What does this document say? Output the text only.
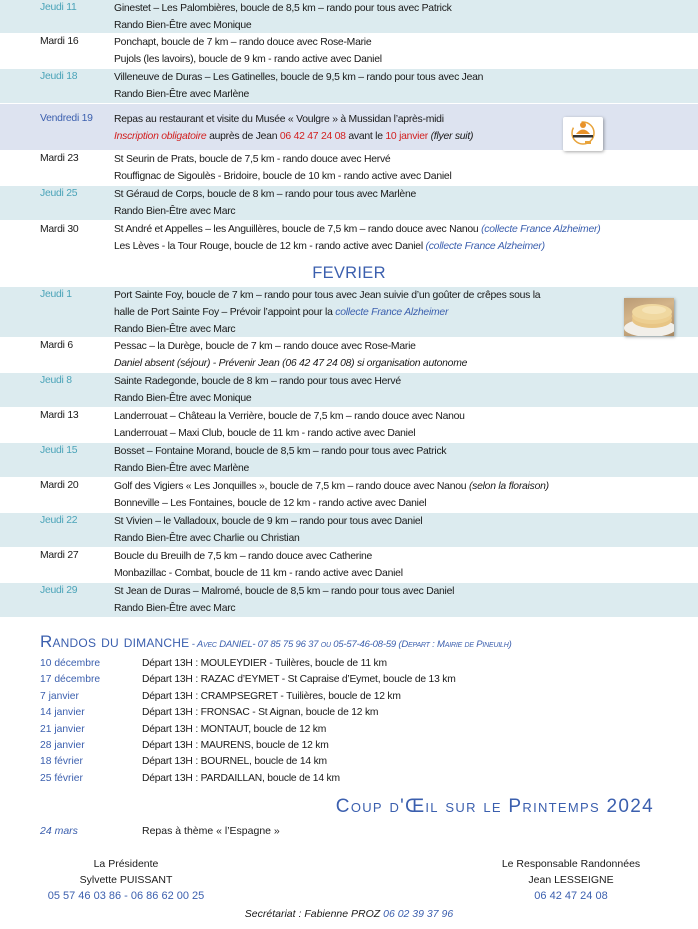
Jeudi 11	Ginestet – Les Palombières, boucle de 8,5 km – rando pour tous avec Patrick
Rando Bien-Être avec Monique
Mardi 16	Ponchapt, boucle de 7 km – rando douce avec Rose-Marie
Pujols (les lavoirs), boucle de 9 km - rando active avec Daniel
Jeudi 18	Villeneuve de Duras – Les Gatinelles, boucle de 9,5 km – rando pour tous avec Jean
Rando Bien-Être avec Marlène
Vendredi 19	Repas au restaurant et visite du Musée « Voulgre » à Mussidan l’après-midi
Inscription obligatoire auprès de Jean 06 42 47 24 08 avant le 10 janvier (flyer suit)
Mardi 23	St Seurin de Prats, boucle de 7,5 km - rando douce avec Hervé
Rouffignac de Sigoulès - Bridoire, boucle de 10 km - rando active avec Daniel
Jeudi 25	St Géraud de Corps, boucle de 8 km – rando pour tous avec Marlène
Rando Bien-Être avec Marc
Mardi 30	St André et Appelles – les Anguillères, boucle de 7,5 km – rando douce avec Nanou (collecte France Alzheimer)
Les Lèves - la Tour Rouge, boucle de 12 km - rando active avec Daniel (collecte France Alzheimer)
FEVRIER
Jeudi 1	Port Sainte Foy, boucle de 7 km – rando pour tous avec Jean suivie d’un goûter de crêpes sous la
halle de Port Sainte Foy – Prévoir l’appoint pour la collecte France Alzheimer
Rando Bien-Être avec Marc
Mardi 6	Pessac – la Durège, boucle de 7 km – rando douce avec Rose-Marie
Daniel absent (séjour) - Prévenir Jean (06 42 47 24 08) si organisation autonome
Jeudi 8	Sainte Radegonde, boucle de 8 km – rando pour tous avec Hervé
Rando Bien-Être avec Monique
Mardi 13	Landerrouat – Château la Verrière, boucle de 7,5 km – rando douce avec Nanou
Landerrouat – Maxi Club, boucle de 11 km - rando active avec Daniel
Jeudi 15	Bosset – Fontaine Morand, boucle de 8,5 km – rando pour tous avec Patrick
Rando Bien-Être avec Marlène
Mardi 20	Golf des Vigiers « Les Jonquilles », boucle de 7,5 km – rando douce avec Nanou (selon la floraison)
Bonneville – Les Fontaines, boucle de 12 km - rando active avec Daniel
Jeudi 22	St Vivien – le Valladoux, boucle de 9 km – rando pour tous avec Daniel
Rando Bien-Être avec Charlie ou Christian
Mardi 27	Boucle du Breuilh de 7,5 km – rando douce avec Catherine
Monbazillac - Combat, boucle de 11 km - rando active avec Daniel
Jeudi 29	St Jean de Duras – Malromé, boucle de 8,5 km – rando pour tous avec Daniel
Rando Bien-Être avec Marc
Randos du dimanche - Avec DANIEL- 07 85 75 96 37 ou 05-57-46-08-59 (Depart : Mairie de Pineuilh)
10 décembre	Départ 13H : MOULEYDIER - Tuilères, boucle de 11 km
17 décembre	Départ 13H : RAZAC d’EYMET - St Capraise d’Eymet, boucle de 13 km
7 janvier	Départ 13H : CRAMPSEGRET - Tuilières, boucle de 12 km
14 janvier	Départ 13H : FRONSAC - St Aignan, boucle de 12 km
21 janvier	Départ 13H : MONTAUT, boucle de 12 km
28 janvier	Départ 13H : MAURENS, boucle de 12 km
18 février	Départ 13H : BOURNEL, boucle de 14 km
25 février	Départ 13H : PARDAILLAN, boucle de 14 km
Coup d'Œil sur le Printemps 2024
24 mars	Repas à thème « l’Espagne »
La Présidente
Sylvette PUISSANT
05 57 46 03 86 - 06 86 62 00 25
Le Responsable Randonnées
Jean LESSEIGNE
06 42 47 24 08
Secrétariat : Fabienne PROZ 06 02 39 37 96
